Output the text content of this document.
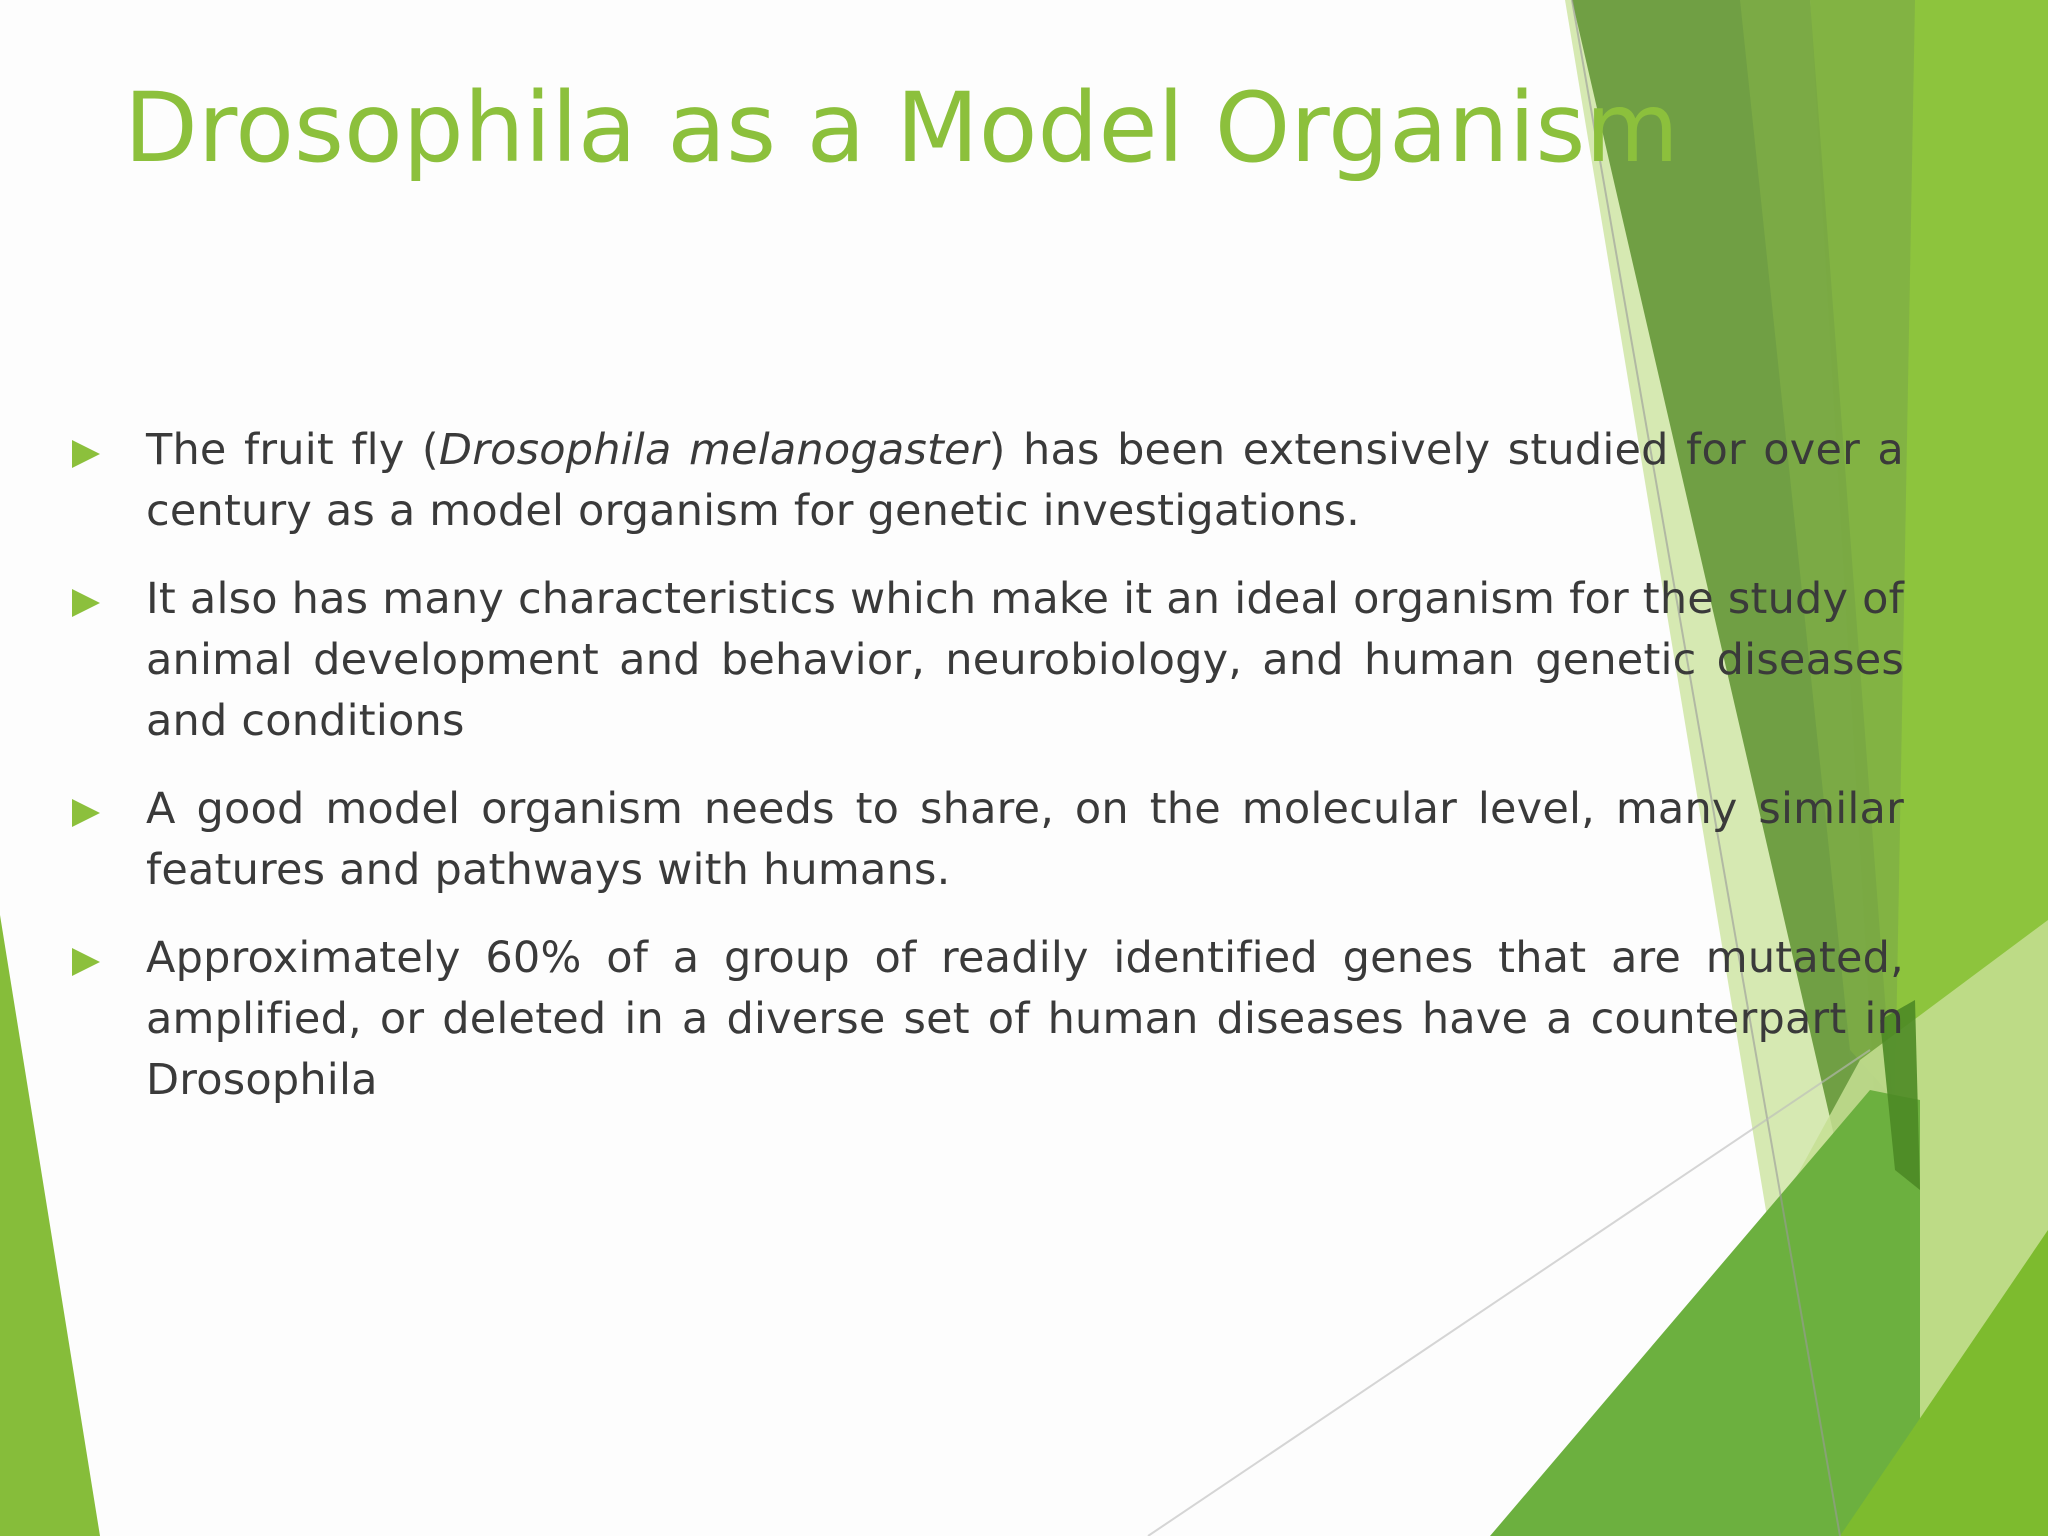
Drosophila as a Model Organism
The fruit fly (Drosophila melanogaster) has been extensively studied for over a century as a model organism for genetic investigations.
It also has many characteristics which make it an ideal organism for the study of animal development and behavior, neurobiology, and human genetic diseases and conditions
A good model organism needs to share, on the molecular level, many similar features and pathways with humans.
Approximately 60% of a group of readily identified genes that are mutated, amplified, or deleted in a diverse set of human diseases have a counterpart in Drosophila
